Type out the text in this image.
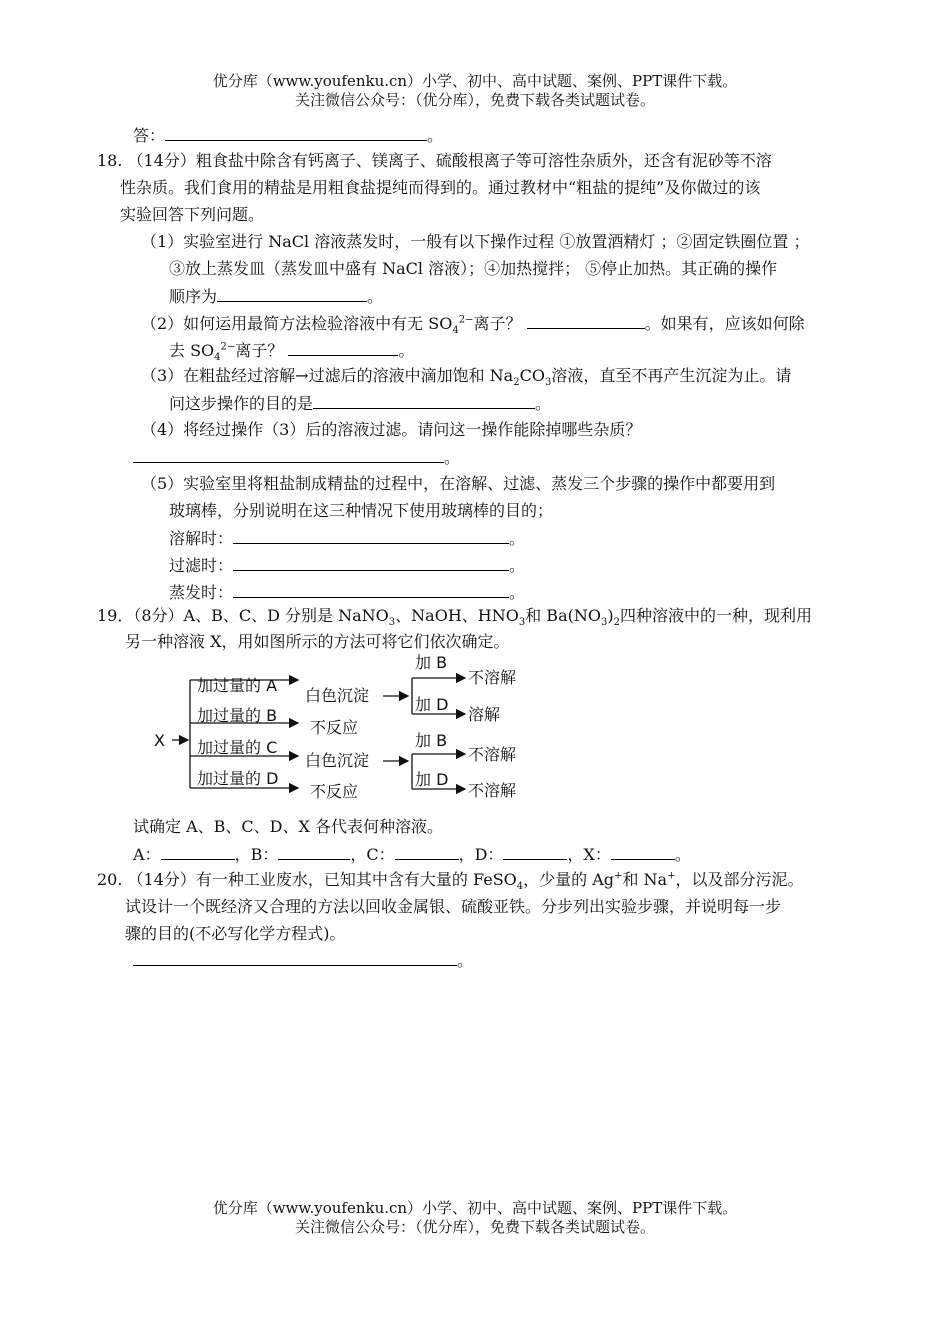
优分库（www.youfenku.cn）小学、初中、高中试题、案例、PPT课件下载。
关注微信公众号：（优分库），免费下载各类试题试卷。
答：	。
18. （14分）粗食盐中除含有钙离子、镁离子、硫酸根离子等可溶性杂质外，还含有泥砂等不溶
性杂质。我们食用的精盐是用粗食盐提纯而得到的。通过教材中“粗盐的提纯”及你做过的该
实验回答下列问题。
（1）实验室进行 NaCl 溶液蒸发时，一般有以下操作过程 ①放置酒精灯 ；②固定铁圈位置 ；
③放上蒸发皿（蒸发皿中盛有 NaCl 溶液）；④加热搅拌； ⑤停止加热。其正确的操作
顺序为	。
（2）如何运用最简方法检验溶液中有无 $SO_4^{2-}$离子？	。如果有，应该如何除
去 $SO_4^{2-}$离子？	。
（3）在粗盐经过溶解→过滤后的溶液中滴加饱和 $Na_2CO_3$溶液，直至不再产生沉淀为止。请
问这步操作的目的是	。
（4）将经过操作（3）后的溶液过滤。请问这一操作能除掉哪些杂质？
。
（5）实验室里将粗盐制成精盐的过程中，在溶解、过滤、蒸发三个步骤的操作中都要用到
玻璃棒，分别说明在这三种情况下使用玻璃棒的目的；
溶解时：	。
过滤时：	。
蒸发时：	。
19．（8分）A、B、C、D 分别是 NaNO$_3$、NaOH、$HNO_3$和 $Ba(NO_3)_2$四种溶液中的一种，现利用
另一种溶液 X，用如图所示的方法可将它们依次确定。
X
加过量的 A
加过量的 B
加过量的 C
加过量的 D
白色沉淀
不反应
白色沉淀
不反应
加 B
加 D
不溶解
溶解
加 B
加 D
不溶解
不溶解
试确定 A、B、C、D、X 各代表何种溶液。
A：	，B：	，C：	，D：	，X：	。
20. （14分）有一种工业废水，已知其中含有大量的 FeSO$_4$，少量的 Ag+和 Na+，以及部分污泥。
试设计一个既经济又合理的方法以回收金属银、硫酸亚铁。分步列出实验步骤，并说明每一步
骤的目的(不必写化学方程式)。
。
优分库（www.youfenku.cn）小学、初中、高中试题、案例、PPT课件下载。
关注微信公众号：（优分库），免费下载各类试题试卷。
